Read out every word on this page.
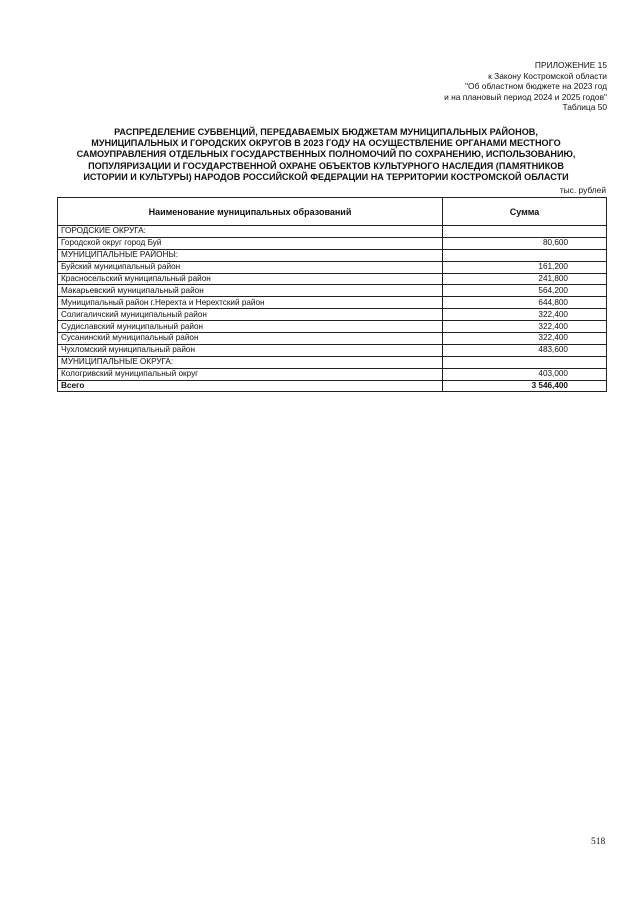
ПРИЛОЖЕНИЕ 15
к Закону Костромской области
"Об областном бюджете на 2023 год
и на плановый период 2024 и 2025 годов"
Таблица 50
РАСПРЕДЕЛЕНИЕ СУБВЕНЦИЙ, ПЕРЕДАВАЕМЫХ БЮДЖЕТАМ МУНИЦИПАЛЬНЫХ РАЙОНОВ,
МУНИЦИПАЛЬНЫХ И ГОРОДСКИХ ОКРУГОВ В 2023 ГОДУ НА ОСУЩЕСТВЛЕНИЕ ОРГАНАМИ МЕСТНОГО
САМОУПРАВЛЕНИЯ ОТДЕЛЬНЫХ ГОСУДАРСТВЕННЫХ ПОЛНОМОЧИЙ ПО СОХРАНЕНИЮ, ИСПОЛЬЗОВАНИЮ,
ПОПУЛЯРИЗАЦИИ И ГОСУДАРСТВЕННОЙ ОХРАНЕ ОБЪЕКТОВ КУЛЬТУРНОГО НАСЛЕДИЯ (ПАМЯТНИКОВ
ИСТОРИИ И КУЛЬТУРЫ) НАРОДОВ РОССИЙСКОЙ ФЕДЕРАЦИИ НА ТЕРРИТОРИИ КОСТРОМСКОЙ ОБЛАСТИ
тыс. рублей
Наименование муниципальных образований	Сумма
ГОРОДСКИЕ ОКРУГА:	
Городской округ город Буй	80,600
МУНИЦИПАЛЬНЫЕ РАЙОНЫ:	
Буйский муниципальный район	161,200
Красносельский муниципальный район	241,800
Макарьевский муниципальный район	564,200
Муниципальный район г.Нерехта и Нерехтский район	644,800
Солигаличский муниципальный район	322,400
Судиславский муниципальный район	322,400
Сусанинский муниципальный район	322,400
Чухломский муниципальный район	483,600
МУНИЦИПАЛЬНЫЕ ОКРУГА:	
Кологривский муниципальный округ	403,000
Всего	3 546,400
518
